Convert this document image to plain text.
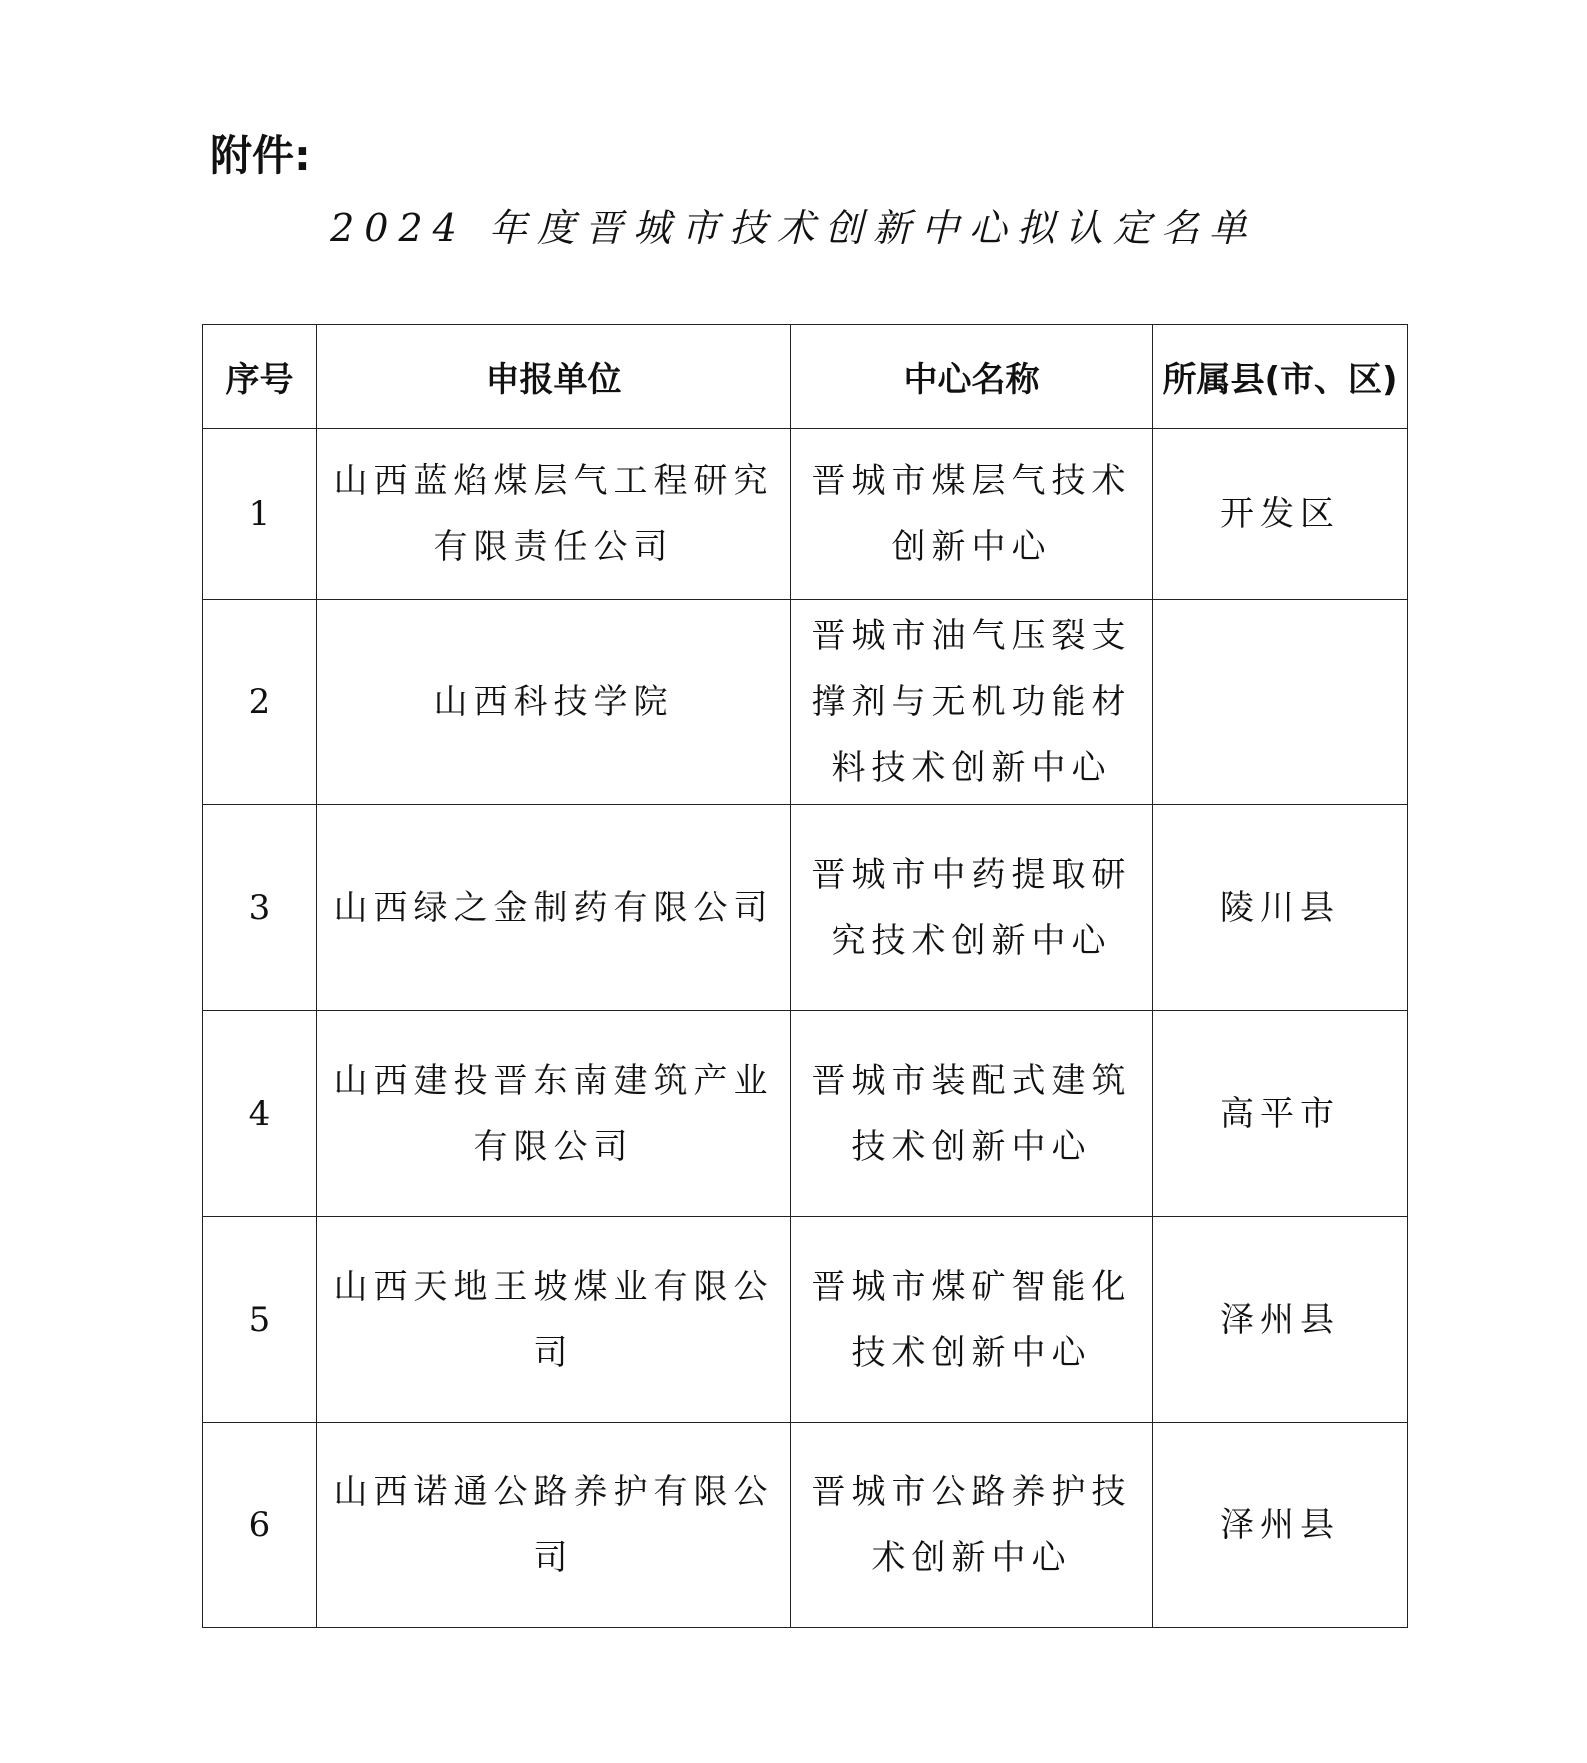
附件:

2024 年度晋城市技术创新中心拟认定名单

序号	申报单位	中心名称	所属县(市、区)
1	山西蓝焰煤层气工程研究有限责任公司	晋城市煤层气技术创新中心	开发区
2	山西科技学院	晋城市油气压裂支撑剂与无机功能材料技术创新中心	
3	山西绿之金制药有限公司	晋城市中药提取研究技术创新中心	陵川县
4	山西建投晋东南建筑产业有限公司	晋城市装配式建筑技术创新中心	高平市
5	山西天地王坡煤业有限公司	晋城市煤矿智能化技术创新中心	泽州县
6	山西诺通公路养护有限公司	晋城市公路养护技术创新中心	泽州县
